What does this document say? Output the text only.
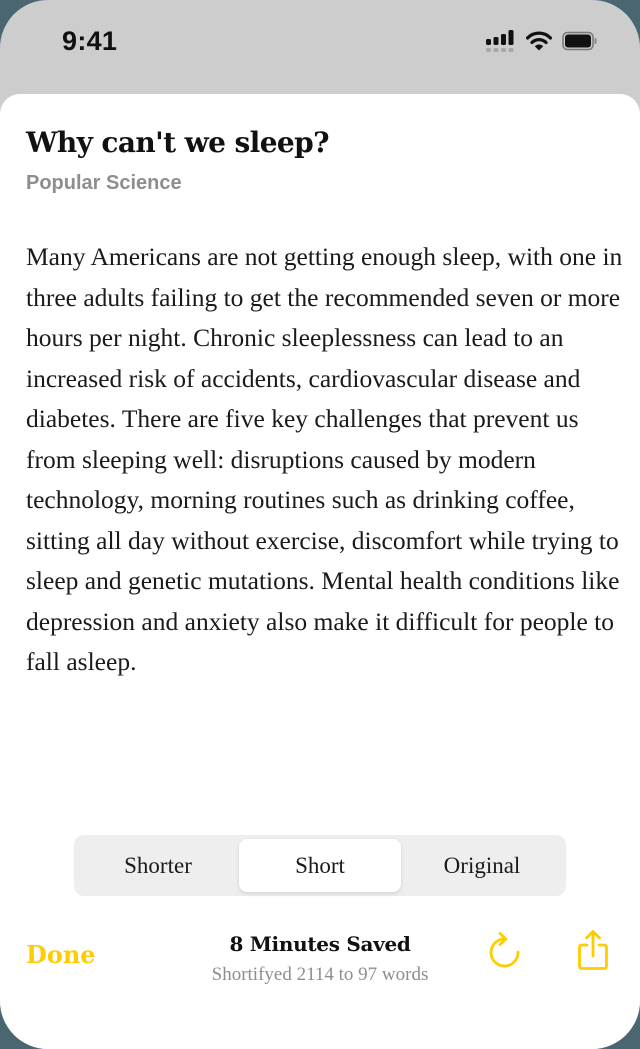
9:41
Why can't we sleep?
Popular Science

Many Americans are not getting enough sleep, with one in three adults failing to get the recommended seven or more hours per night. Chronic sleeplessness can lead to an increased risk of accidents, cardiovascular disease and diabetes. There are five key challenges that prevent us from sleeping well: disruptions caused by modern technology, morning routines such as drinking coffee, sitting all day without exercise, discomfort while trying to sleep and genetic mutations. Mental health conditions like depression and anxiety also make it difficult for people to fall asleep.

Shorter	Short	Original
Done	8 Minutes Saved
Shortifyed 2114 to 97 words
